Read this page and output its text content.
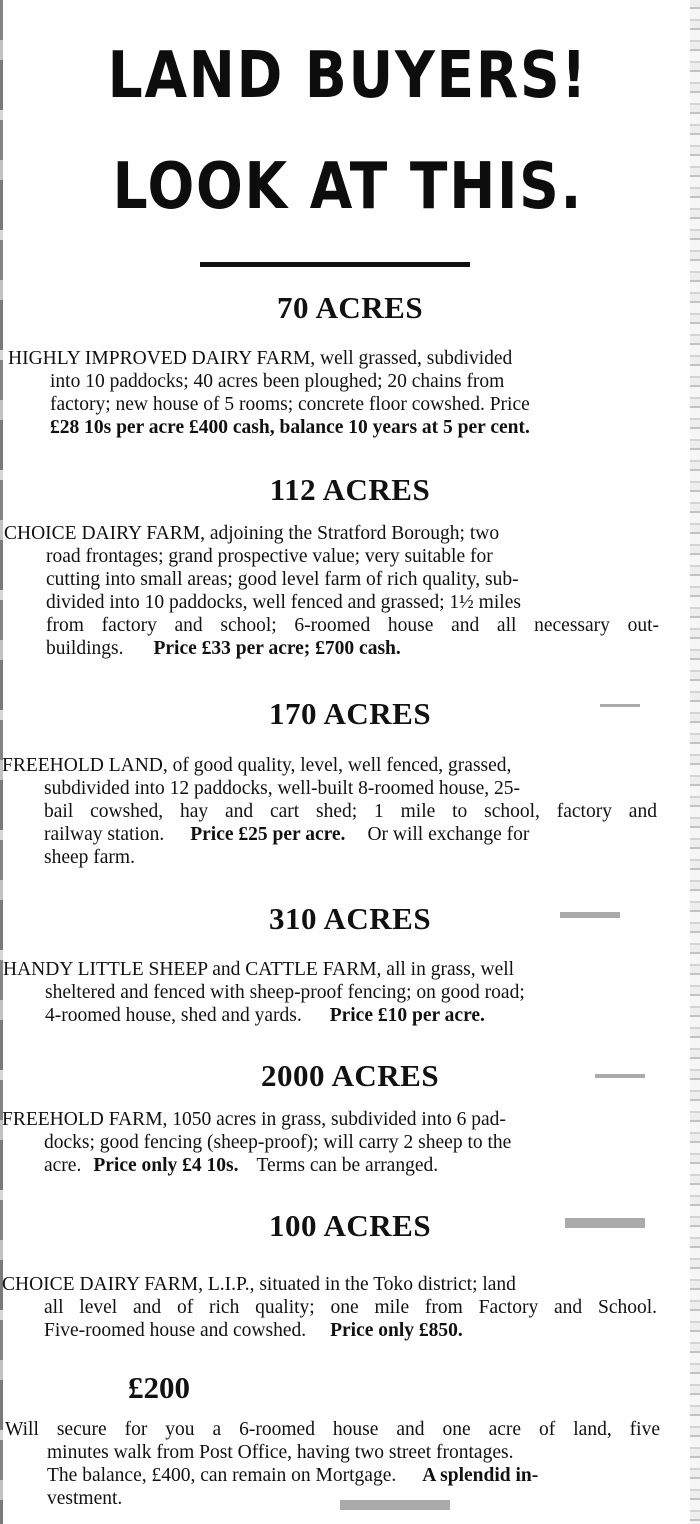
LAND BUYERS!
LOOK AT THIS.
70 ACRES
HIGHLY IMPROVED DAIRY FARM, well grassed, subdivided
into 10 paddocks; 40 acres been ploughed; 20 chains from
factory; new house of 5 rooms; concrete floor cowshed. Price
£28 10s per acre £400 cash, balance 10 years at 5 per cent.
112 ACRES
CHOICE DAIRY FARM, adjoining the Stratford Borough; two
road frontages; grand prospective value; very suitable for
cutting into small areas; good level farm of rich quality, sub-
divided into 10 paddocks, well fenced and grassed; 1½ miles
from factory and school; 6-roomed house and all necessary out-
buildings. Price £33 per acre; £700 cash.
170 ACRES
FREEHOLD LAND, of good quality, level, well fenced, grassed,
subdivided into 12 paddocks, well-built 8-roomed house, 25-
bail cowshed, hay and cart shed; 1 mile to school, factory and
railway station. Price £25 per acre. Or will exchange for
sheep farm.
310 ACRES
HANDY LITTLE SHEEP and CATTLE FARM, all in grass, well
sheltered and fenced with sheep-proof fencing; on good road;
4-roomed house, shed and yards. Price £10 per acre.
2000 ACRES
FREEHOLD FARM, 1050 acres in grass, subdivided into 6 pad-
docks; good fencing (sheep-proof); will carry 2 sheep to the
acre. Price only £4 10s. Terms can be arranged.
100 ACRES
CHOICE DAIRY FARM, L.I.P., situated in the Toko district; land
all level and of rich quality; one mile from Factory and School.
Five-roomed house and cowshed. Price only £850.
£200
Will secure for you a 6-roomed house and one acre of land, five
minutes walk from Post Office, having two street frontages.
The balance, £400, can remain on Mortgage. A splendid in-
vestment.
